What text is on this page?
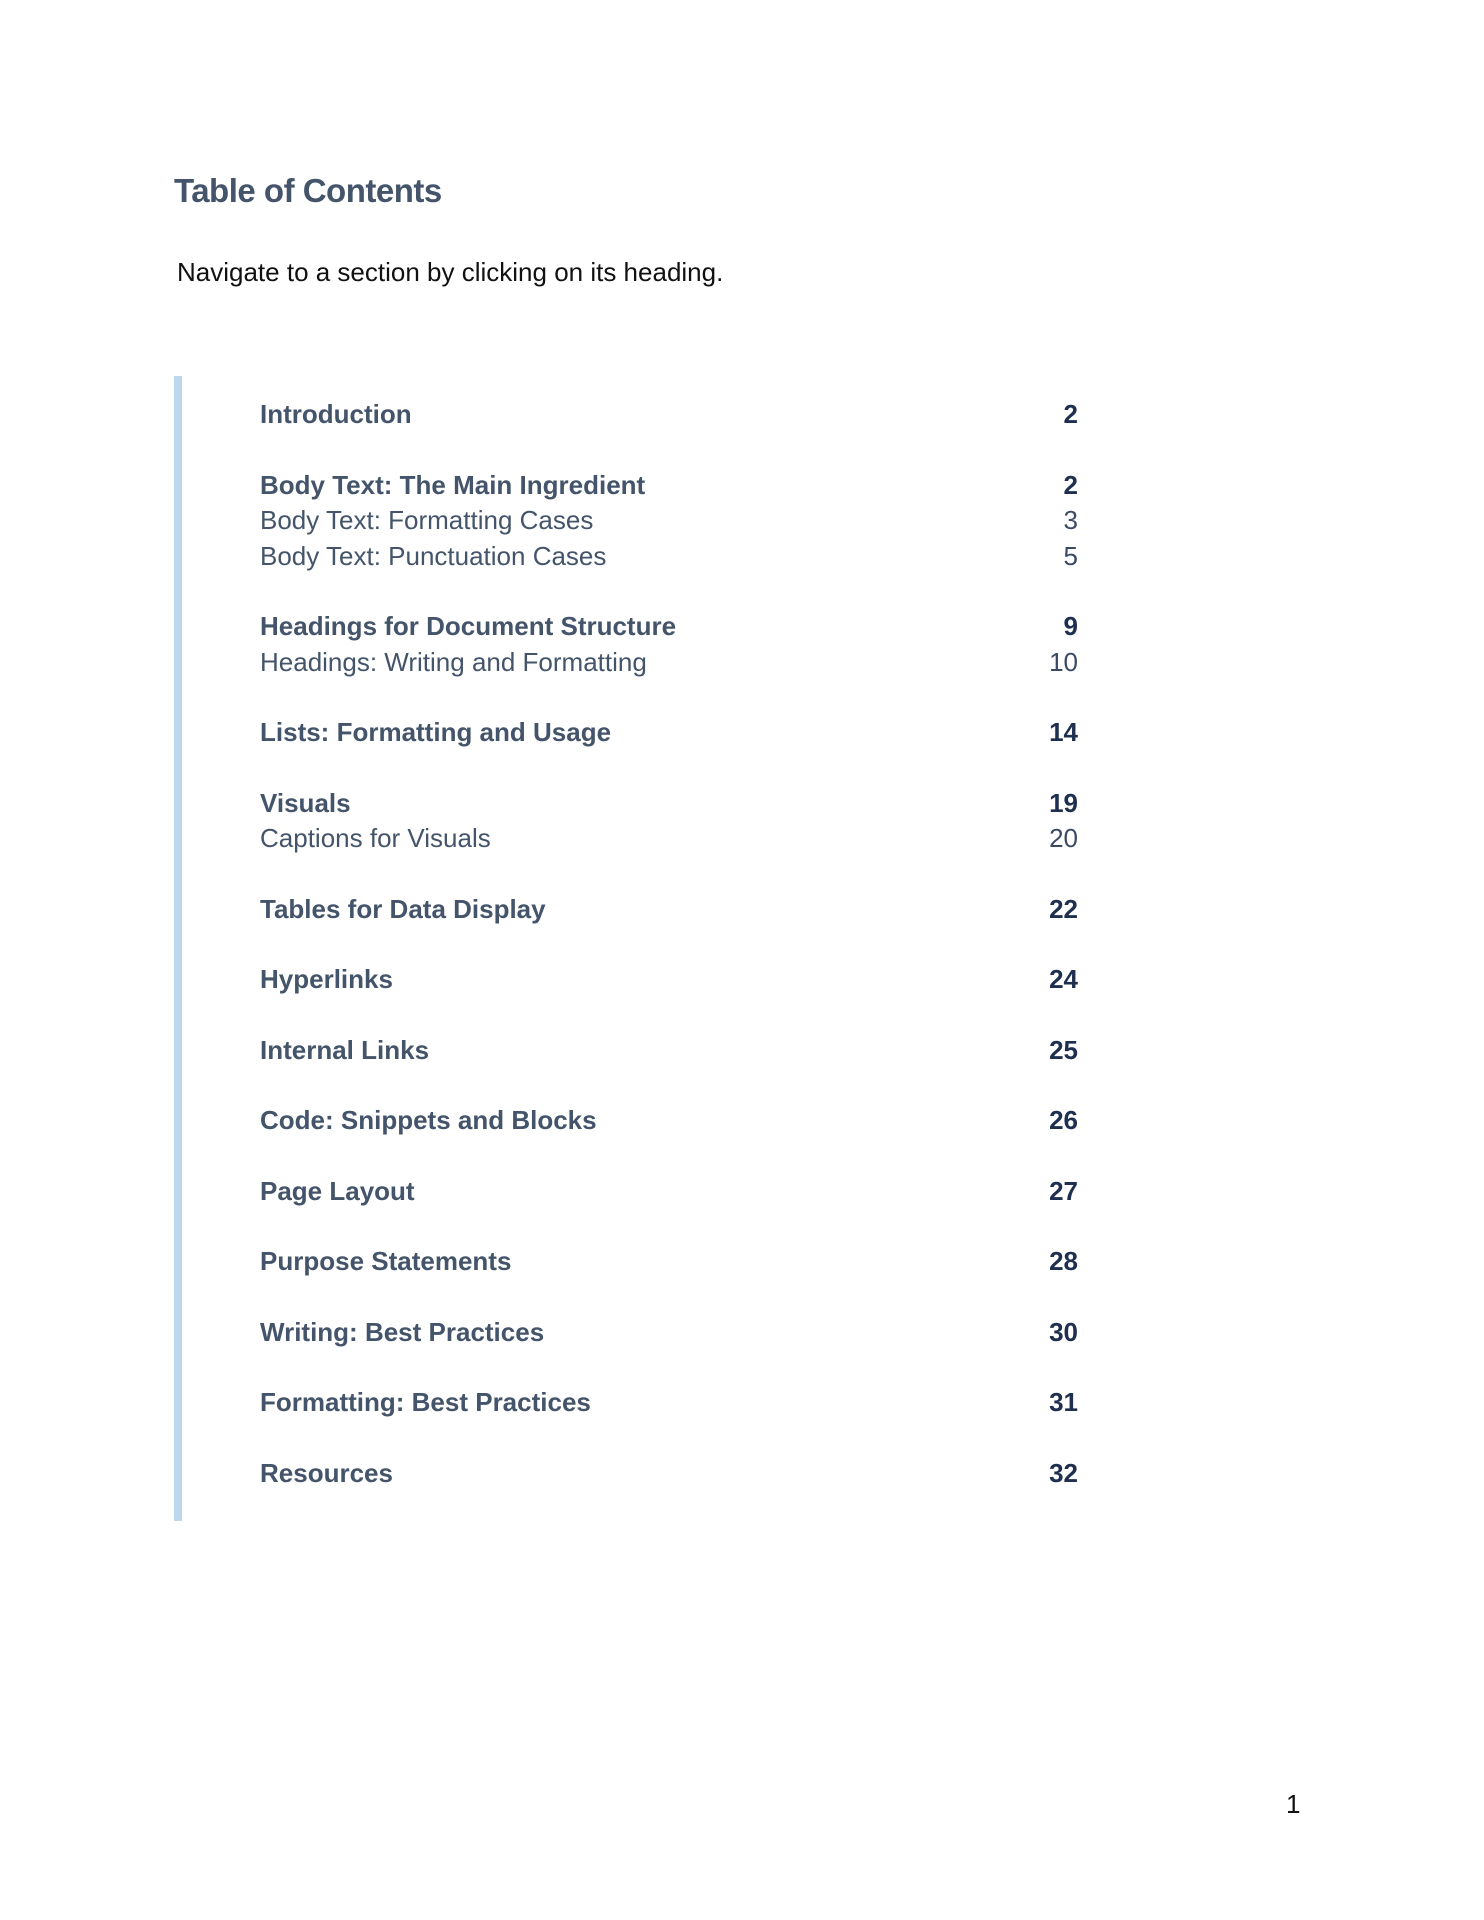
Table of Contents

Navigate to a section by clicking on its heading.

Introduction	2
Body Text: The Main Ingredient	2
Body Text: Formatting Cases	3
Body Text: Punctuation Cases	5
Headings for Document Structure	9
Headings: Writing and Formatting	10
Lists: Formatting and Usage	14
Visuals	19
Captions for Visuals	20
Tables for Data Display	22
Hyperlinks	24
Internal Links	25
Code: Snippets and Blocks	26
Page Layout	27
Purpose Statements	28
Writing: Best Practices	30
Formatting: Best Practices	31
Resources	32
1
